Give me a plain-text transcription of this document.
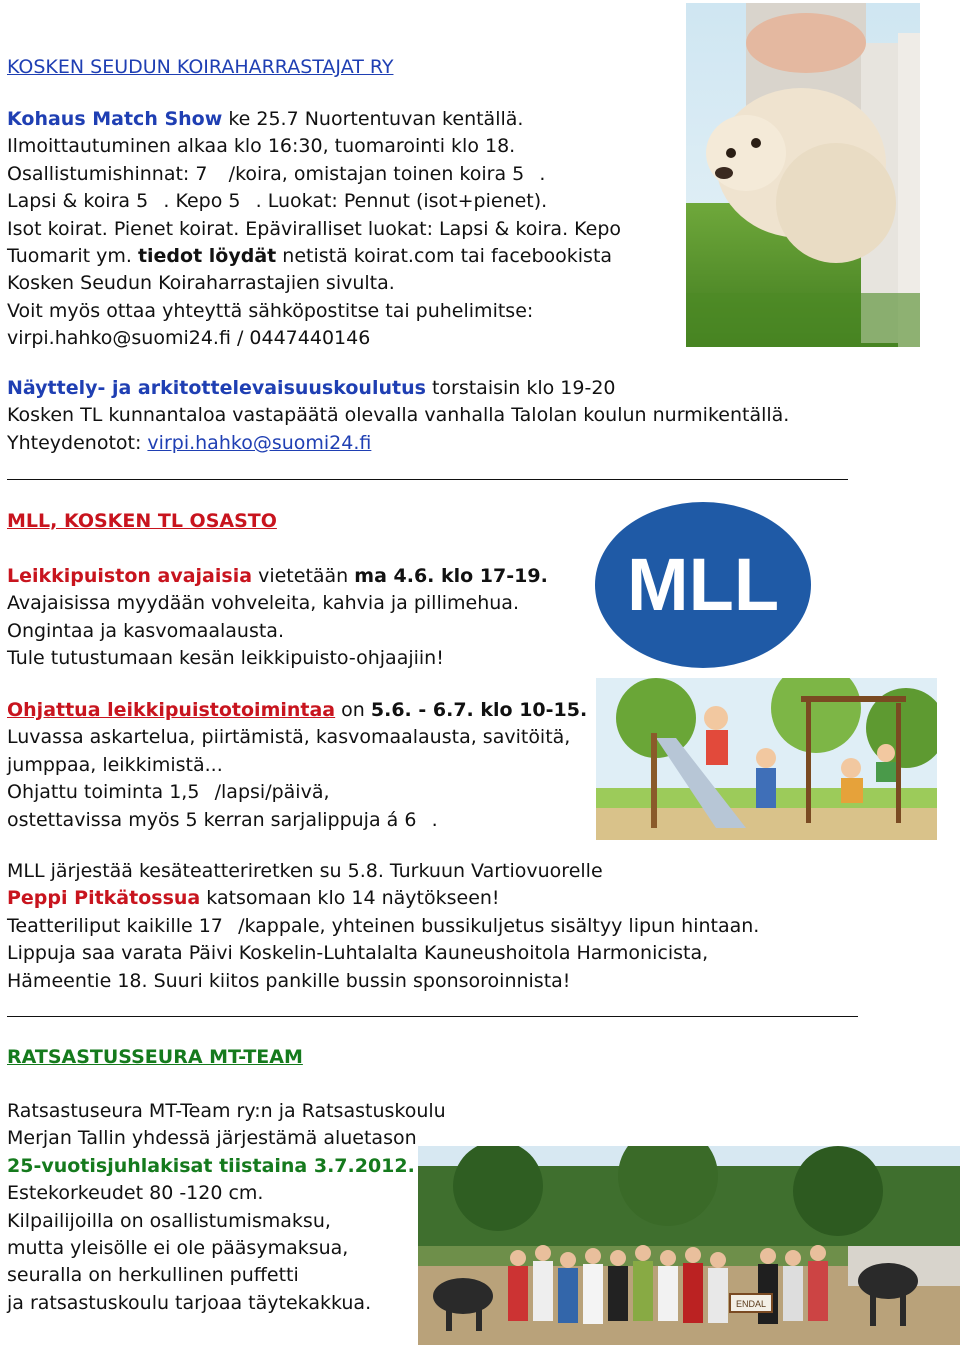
KOSKEN SEUDUN KOIRAHARRASTAJAT RY
Kohaus Match Show ke 25.7 Nuortentuvan kentällä.
Ilmoittautuminen alkaa klo 16:30, tuomarointi klo 18.
Osallistumishinnat: 7 /koira, omistajan toinen koira 5.
Lapsi & koira 5. Kepo 5. Luokat: Pennut (isot+pienet).
Isot koirat. Pienet koirat. Epäviralliset luokat: Lapsi & koira. Kepo
Tuomarit ym. tiedot löydät netistä koirat.com tai facebookista
Kosken Seudun Koiraharrastajien sivulta.
Voit myös ottaa yhteyttä sähköpostitse tai puhelimitse:
virpi.hahko@suomi24.fi / 0447440146
Näyttely- ja arkitottelevaisuuskoulutus torstaisin klo 19-20
Kosken TL kunnantaloa vastapäätä olevalla vanhalla Talolan koulun nurmikentällä.
Yhteydenotot: virpi.hahko@suomi24.fi
MLL
MLL, KOSKEN TL OSASTO
Leikkipuiston avajaisia vietetään ma 4.6. klo 17-19.
Avajaisissa myydään vohveleita, kahvia ja pillimehua.
Ongintaa ja kasvomaalausta.
Tule tutustumaan kesän leikkipuisto-ohjaajiin!
Ohjattua leikkipuistotoimintaa on 5.6. - 6.7. klo 10-15.
Luvassa askartelua, piirtämistä, kasvomaalausta, savitöitä,
jumppaa, leikkimistä...
Ohjattu toiminta 1,5/lapsi/päivä,
ostettavissa myös 5 kerran sarjalippuja á 6.
MLL järjestää kesäteatteriretken su 5.8. Turkuun Vartiovuorelle
Peppi Pitkätossua katsomaan klo 14 näytökseen!
Teatteriliput kaikille 17/kappale, yhteinen bussikuljetus sisältyy lipun hintaan.
Lippuja saa varata Päivi Koskelin-Luhtalalta Kauneushoitola Harmonicista,
Hämeentie 18. Suuri kiitos pankille bussin sponsoroinnista!
RATSASTUSSEURA MT-TEAM
Ratsastuseura MT-Team ry:n ja Ratsastuskoulu
Merjan Tallin yhdessä järjestämä aluetason
25-vuotisjuhlakisat tiistaina 3.7.2012.
Estekorkeudet 80 -120 cm.
Kilpailijoilla on osallistumismaksu,
mutta yleisölle ei ole pääsymaksua,
seuralla on herkullinen puffetti
ja ratsastuskoulu tarjoaa täytekakkua.	ENDAL
